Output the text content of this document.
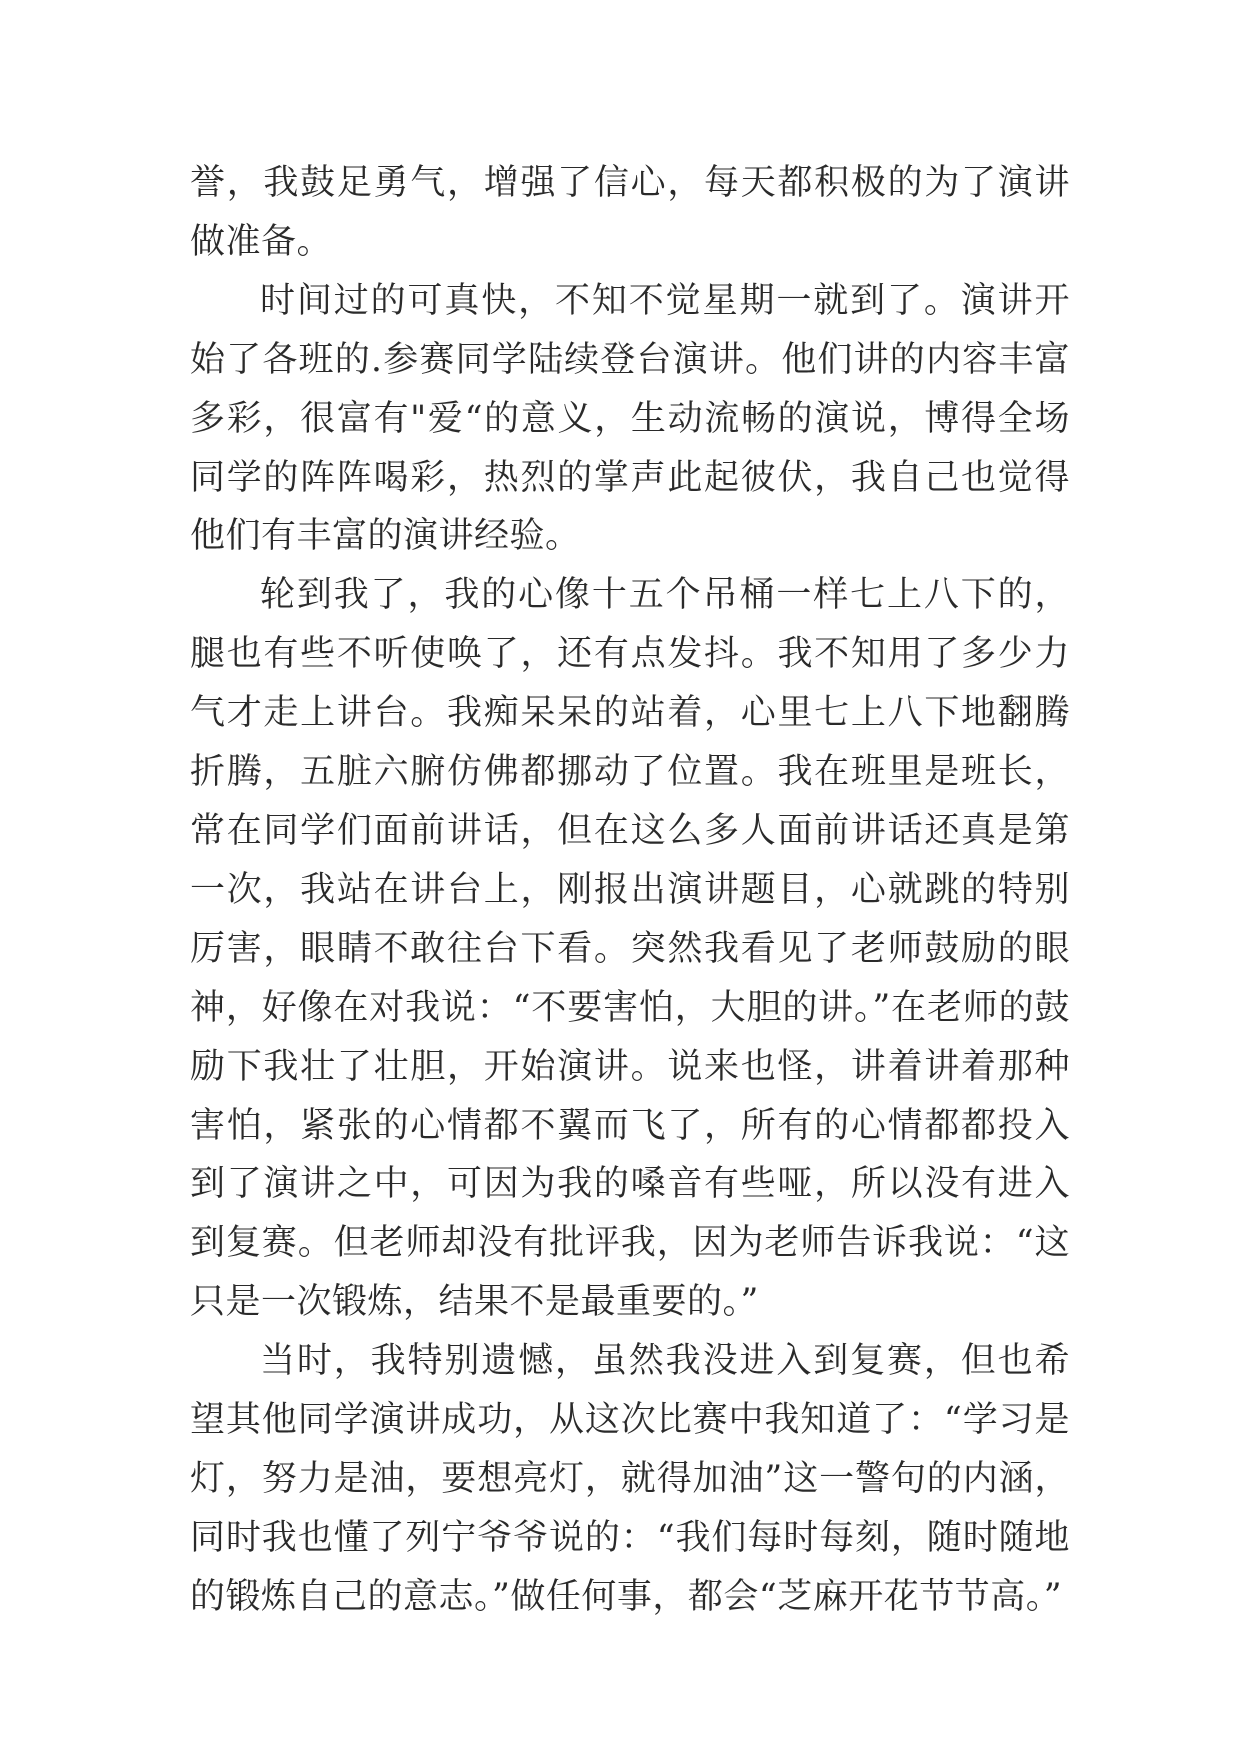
誉，我鼓足勇气，增强了信心，每天都积极的为了演讲做准备。

时间过的可真快，不知不觉星期一就到了。演讲开始了各班的.参赛同学陆续登台演讲。他们讲的内容丰富多彩，很富有"爱“的意义，生动流畅的演说，博得全场同学的阵阵喝彩，热烈的掌声此起彼伏，我自己也觉得他们有丰富的演讲经验。

轮到我了，我的心像十五个吊桶一样七上八下的，腿也有些不听使唤了，还有点发抖。我不知用了多少力气才走上讲台。我痴呆呆的站着，心里七上八下地翻腾折腾，五脏六腑仿佛都挪动了位置。我在班里是班长，常在同学们面前讲话，但在这么多人面前讲话还真是第一次，我站在讲台上，刚报出演讲题目，心就跳的特别厉害，眼睛不敢往台下看。突然我看见了老师鼓励的眼神，好像在对我说：“不要害怕，大胆的讲。”在老师的鼓励下我壮了壮胆，开始演讲。说来也怪，讲着讲着那种害怕，紧张的心情都不翼而飞了，所有的心情都都投入到了演讲之中，可因为我的嗓音有些哑，所以没有进入到复赛。但老师却没有批评我，因为老师告诉我说：“这只是一次锻炼，结果不是最重要的。”

当时，我特别遗憾，虽然我没进入到复赛，但也希望其他同学演讲成功，从这次比赛中我知道了：“学习是灯，努力是油，要想亮灯，就得加油”这一警句的内涵，同时我也懂了列宁爷爷说的：“我们每时每刻，随时随地的锻炼自己的意志。”做任何事，都会“芝麻开花节节高。”
